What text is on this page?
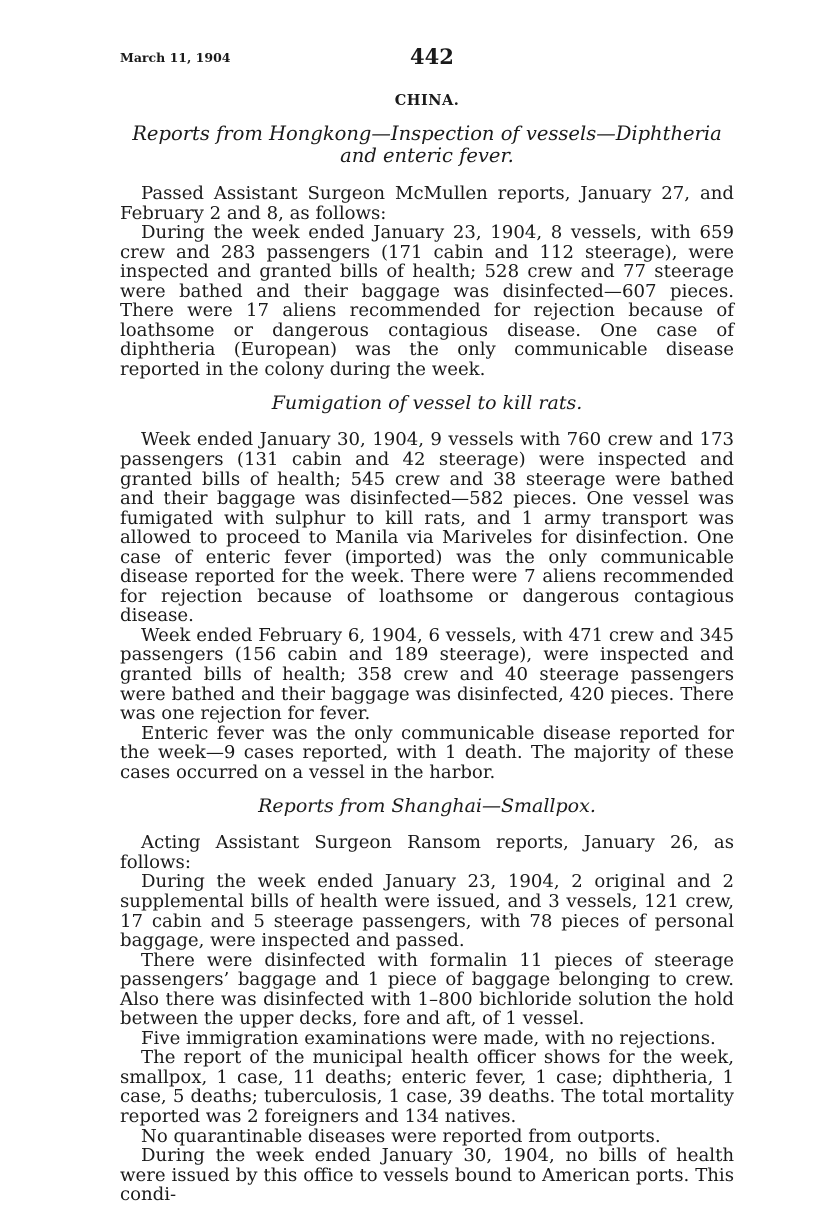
March 11, 1904	442
CHINA.
Reports from Hongkong—Inspection of vessels—Diphtheria and enteric fever.

Passed Assistant Surgeon McMullen reports, January 27, and February 2 and 8, as follows:

During the week ended January 23, 1904, 8 vessels, with 659 crew and 283 passengers (171 cabin and 112 steerage), were inspected and granted bills of health; 528 crew and 77 steerage were bathed and their baggage was disinfected—607 pieces. There were 17 aliens recommended for rejection because of loathsome or dangerous contagious disease. One case of diphtheria (European) was the only communicable disease reported in the colony during the week.

Fumigation of vessel to kill rats.

Week ended January 30, 1904, 9 vessels with 760 crew and 173 passengers (131 cabin and 42 steerage) were inspected and granted bills of health; 545 crew and 38 steerage were bathed and their baggage was disinfected—582 pieces. One vessel was fumigated with sulphur to kill rats, and 1 army transport was allowed to proceed to Manila via Mariveles for disinfection. One case of enteric fever (imported) was the only communicable disease reported for the week. There were 7 aliens recommended for rejection because of loathsome or dangerous contagious disease.

Week ended February 6, 1904, 6 vessels, with 471 crew and 345 passengers (156 cabin and 189 steerage), were inspected and granted bills of health; 358 crew and 40 steerage passengers were bathed and their baggage was disinfected, 420 pieces. There was one rejection for fever.

Enteric fever was the only communicable disease reported for the week—9 cases reported, with 1 death. The majority of these cases occurred on a vessel in the harbor.

Reports from Shanghai—Smallpox.

Acting Assistant Surgeon Ransom reports, January 26, as follows:

During the week ended January 23, 1904, 2 original and 2 supplemental bills of health were issued, and 3 vessels, 121 crew, 17 cabin and 5 steerage passengers, with 78 pieces of personal baggage, were inspected and passed.

There were disinfected with formalin 11 pieces of steerage passengers’ baggage and 1 piece of baggage belonging to crew. Also there was disinfected with 1–800 bichloride solution the hold between the upper decks, fore and aft, of 1 vessel.

Five immigration examinations were made, with no rejections.

The report of the municipal health officer shows for the week, smallpox, 1 case, 11 deaths; enteric fever, 1 case; diphtheria, 1 case, 5 deaths; tuberculosis, 1 case, 39 deaths. The total mortality reported was 2 foreigners and 134 natives.

No quarantinable diseases were reported from outports.

During the week ended January 30, 1904, no bills of health were issued by this office to vessels bound to American ports. This condi-
